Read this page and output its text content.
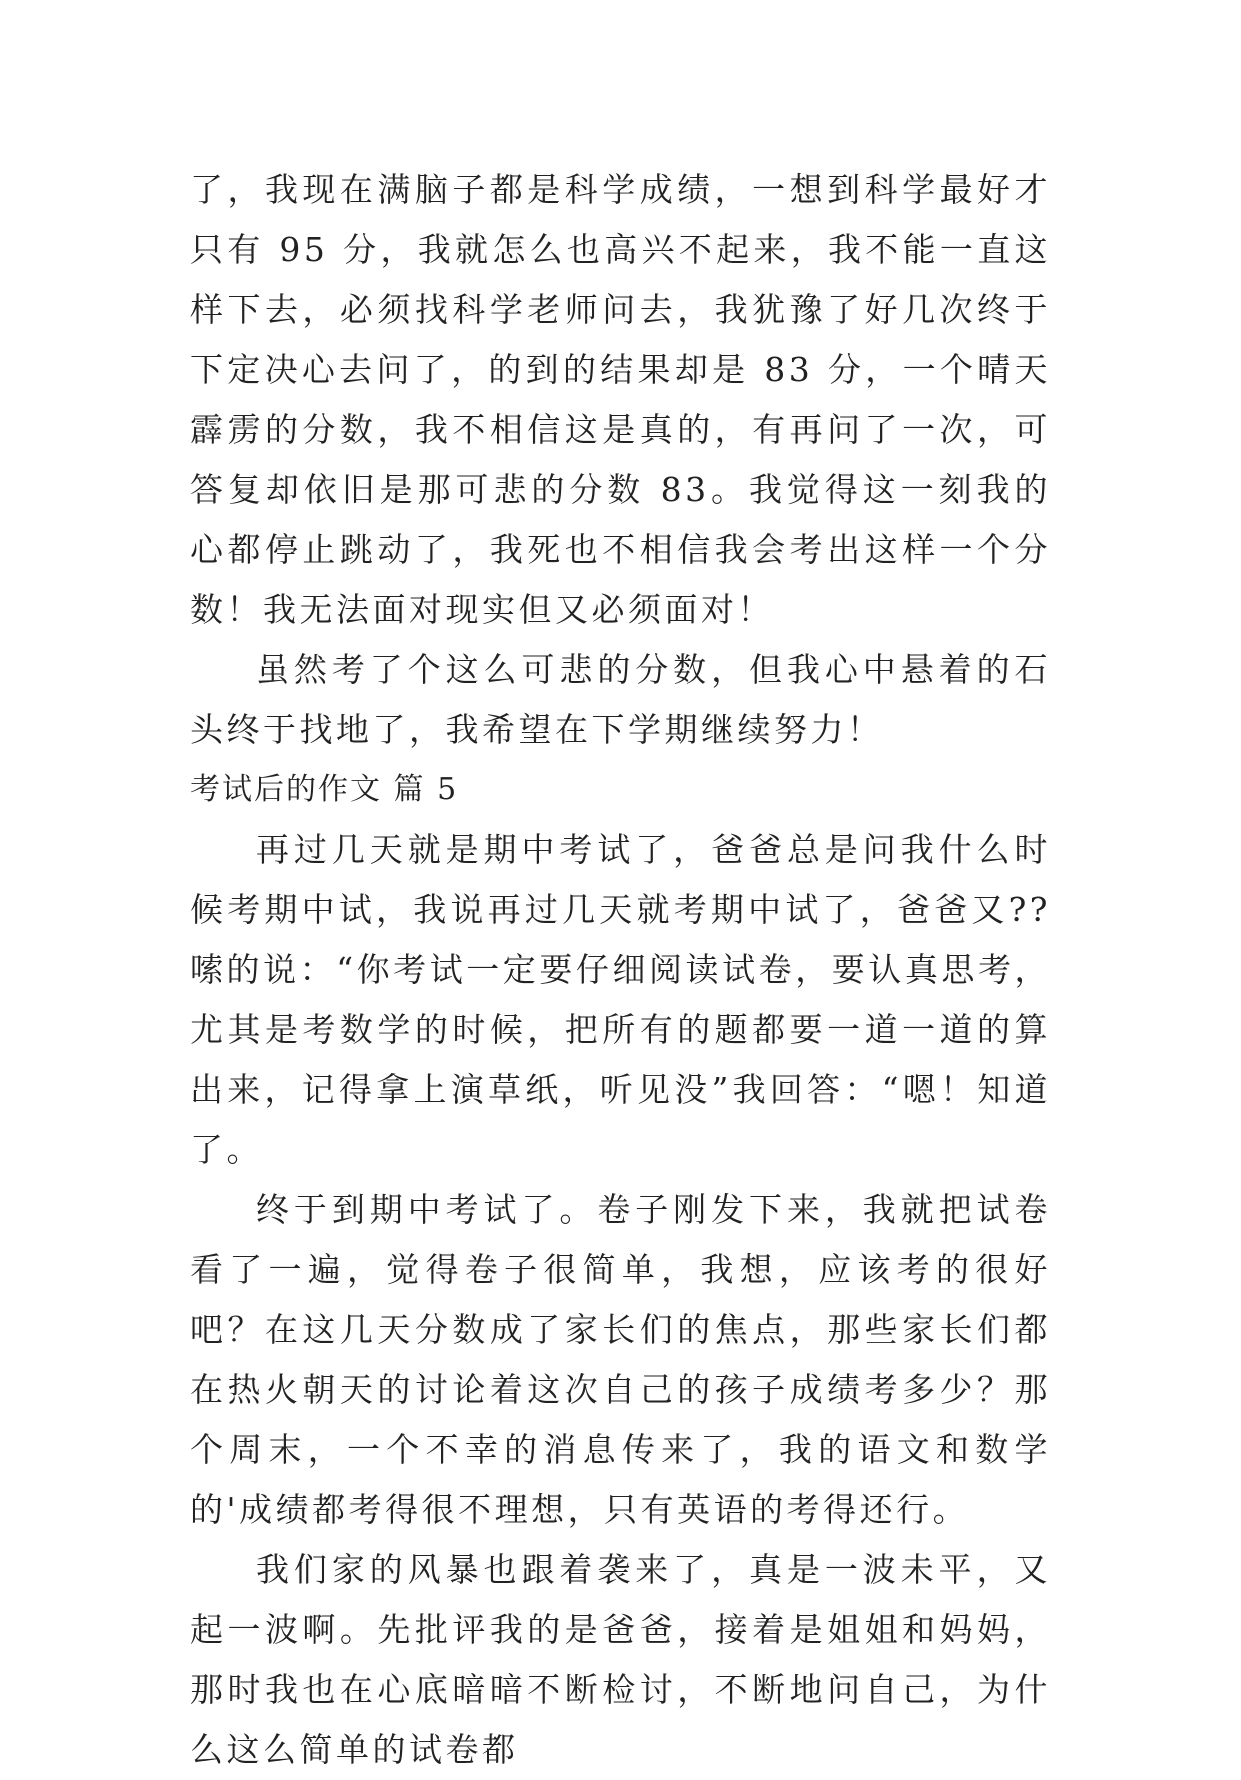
了，我现在满脑子都是科学成绩，一想到科学最好才只有 95 分，我就怎么也高兴不起来，我不能一直这样下去，必须找科学老师问去，我犹豫了好几次终于下定决心去问了，的到的结果却是 83 分，一个晴天霹雳的分数，我不相信这是真的，有再问了一次，可答复却依旧是那可悲的分数 83。我觉得这一刻我的心都停止跳动了，我死也不相信我会考出这样一个分数！我无法面对现实但又必须面对！

虽然考了个这么可悲的分数，但我心中悬着的石头终于找地了，我希望在下学期继续努力！

考试后的作文 篇 5

再过几天就是期中考试了，爸爸总是问我什么时候考期中试，我说再过几天就考期中试了，爸爸又??嗦的说：“你考试一定要仔细阅读试卷，要认真思考，尤其是考数学的时候，把所有的题都要一道一道的算出来，记得拿上演草纸，听见没”我回答：“嗯！知道了。

终于到期中考试了。卷子刚发下来，我就把试卷看了一遍，觉得卷子很简单，我想，应该考的很好吧？在这几天分数成了家长们的焦点，那些家长们都在热火朝天的讨论着这次自己的孩子成绩考多少？那个周末，一个不幸的消息传来了，我的语文和数学的'成绩都考得很不理想，只有英语的考得还行。

我们家的风暴也跟着袭来了，真是一波未平，又起一波啊。先批评我的是爸爸，接着是姐姐和妈妈，那时我也在心底暗暗不断检讨，不断地问自己，为什么这么简单的试卷都
